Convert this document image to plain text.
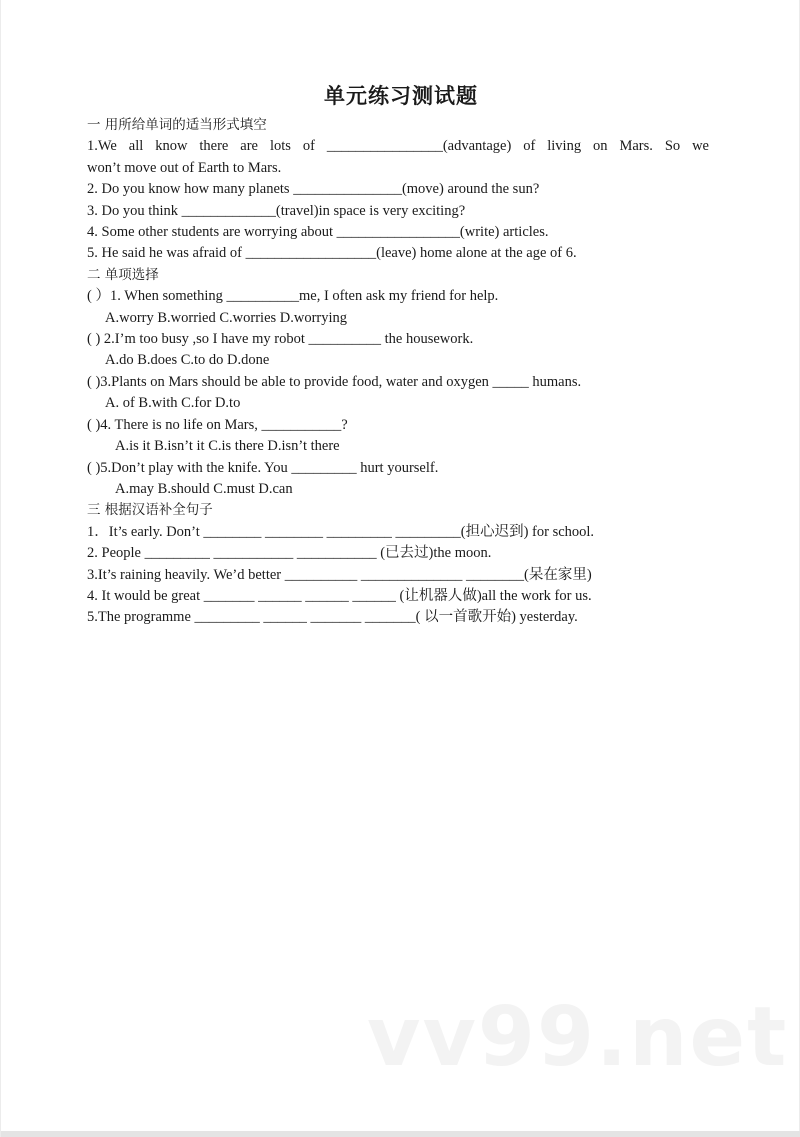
单元练习测试题
一 用所给单词的适当形式填空
1.We all know there are lots of ________________(advantage) of living on Mars. So we
won’t move out of Earth to Mars.
2. Do you know how many planets _______________(move) around the sun?
3. Do you think _____________(travel)in space is very exciting?
4. Some other students are worrying about _________________(write) articles.
5. He said he was afraid of __________________(leave) home alone at the age of 6.
二 单项选择
( ）1. When something __________me, I often ask my friend for help.
A.worry B.worried C.worries D.worrying
( ) 2.I’m too busy ,so I have my robot __________ the housework.
A.do B.does C.to do D.done
( )3.Plants on Mars should be able to provide food, water and oxygen _____ humans.
A. of B.with C.for D.to
( )4. There is no life on Mars, ___________?
A.is it B.isn’t it C.is there D.isn’t there
( )5.Don’t play with the knife. You _________ hurt yourself.
A.may B.should C.must D.can
三 根据汉语补全句子
1．It’s early. Don’t ________ ________ _________ _________(担心迟到) for school.
2. People _________ ___________ ___________ (已去过)the moon.
3.It’s raining heavily. We’d better __________ ______________ ________(呆在家里)
4. It would be great _______ ______ ______ ______ (让机器人做)all the work for us.
5.The programme _________ ______ _______ _______( 以一首歌开始) yesterday.
vv99.net
